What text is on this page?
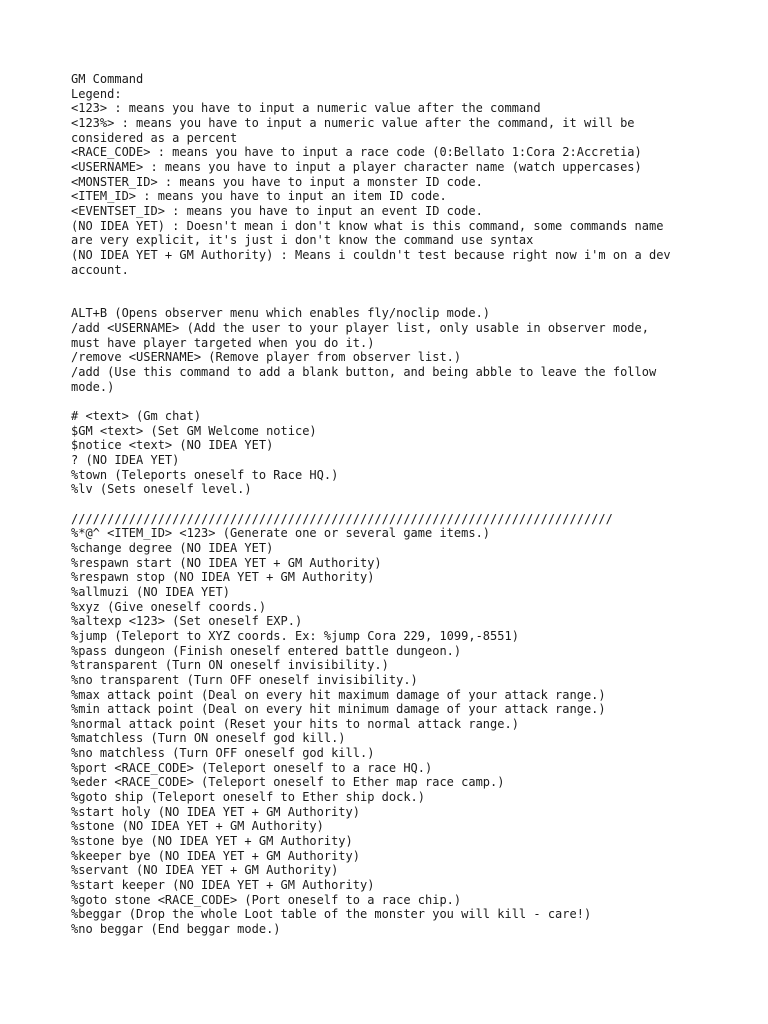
GM Command
Legend:
<123> : means you have to input a numeric value after the command
<123%> : means you have to input a numeric value after the command, it will be
considered as a percent
<RACE_CODE> : means you have to input a race code (0:Bellato 1:Cora 2:Accretia)
<USERNAME> : means you have to input a player character name (watch uppercases)
<MONSTER_ID> : means you have to input a monster ID code.
<ITEM_ID> : means you have to input an item ID code.
<EVENTSET_ID> : means you have to input an event ID code.
(NO IDEA YET) : Doesn't mean i don't know what is this command, some commands name
are very explicit, it's just i don't know the command use syntax
(NO IDEA YET + GM Authority) : Means i couldn't test because right now i'm on a dev
account.
ALT+B (Opens observer menu which enables fly/noclip mode.)
/add <USERNAME> (Add the user to your player list, only usable in observer mode,
must have player targeted when you do it.)
/remove <USERNAME> (Remove player from observer list.)
/add (Use this command to add a blank button, and being abble to leave the follow
mode.)
# <text> (Gm chat)
$GM <text> (Set GM Welcome notice)
$notice <text> (NO IDEA YET)
? (NO IDEA YET)
%town (Teleports oneself to Race HQ.)
%lv (Sets oneself level.)
///////////////////////////////////////////////////////////////////////////
%*@^ <ITEM_ID> <123> (Generate one or several game items.)
%change degree (NO IDEA YET)
%respawn start (NO IDEA YET + GM Authority)
%respawn stop (NO IDEA YET + GM Authority)
%allmuzi (NO IDEA YET)
%xyz (Give oneself coords.)
%altexp <123> (Set oneself EXP.)
%jump (Teleport to XYZ coords. Ex: %jump Cora 229, 1099,-8551)
%pass dungeon (Finish oneself entered battle dungeon.)
%transparent (Turn ON oneself invisibility.)
%no transparent (Turn OFF oneself invisibility.)
%max attack point (Deal on every hit maximum damage of your attack range.)
%min attack point (Deal on every hit minimum damage of your attack range.)
%normal attack point (Reset your hits to normal attack range.)
%matchless (Turn ON oneself god kill.)
%no matchless (Turn OFF oneself god kill.)
%port <RACE_CODE> (Teleport oneself to a race HQ.)
%eder <RACE_CODE> (Teleport oneself to Ether map race camp.)
%goto ship (Teleport oneself to Ether ship dock.)
%start holy (NO IDEA YET + GM Authority)
%stone (NO IDEA YET + GM Authority)
%stone bye (NO IDEA YET + GM Authority)
%keeper bye (NO IDEA YET + GM Authority)
%servant (NO IDEA YET + GM Authority)
%start keeper (NO IDEA YET + GM Authority)
%goto stone <RACE_CODE> (Port oneself to a race chip.)
%beggar (Drop the whole Loot table of the monster you will kill - care!)
%no beggar (End beggar mode.)
